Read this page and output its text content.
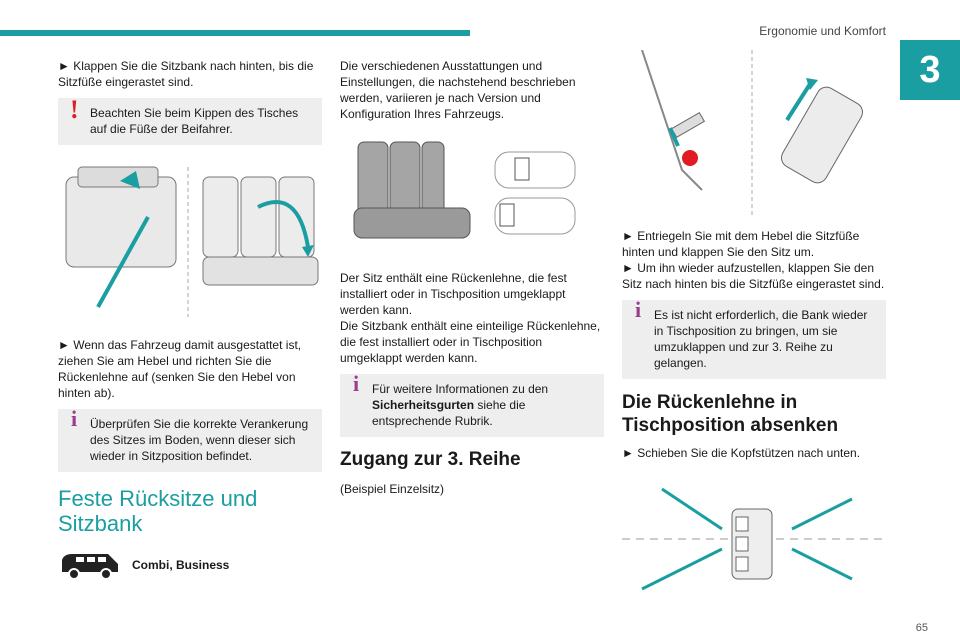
Ergonomie und Komfort
3
65

► Klappen Sie die Sitzbank nach hinten, bis die Sitzfüße eingerastet sind.

! Beachten Sie beim Kippen des Tisches auf die Füße der Beifahrer.

► Wenn das Fahrzeug damit ausgestattet ist, ziehen Sie am Hebel und richten Sie die Rückenlehne auf (senken Sie den Hebel von hinten ab).

i	Überprüfen Sie die korrekte Verankerung des Sitzes im Boden, wenn dieser sich wieder in Sitzposition befindet.
Feste Rücksitze und Sitzbank
Combi, Business

Die verschiedenen Ausstattungen und Einstellungen, die nachstehend beschrieben werden, variieren je nach Version und Konfiguration Ihres Fahrzeugs.

Der Sitz enthält eine Rückenlehne, die fest installiert oder in Tischposition umgeklappt werden kann.

Die Sitzbank enthält eine einteilige Rückenlehne, die fest installiert oder in Tischposition umgeklappt werden kann.

i	Für weitere Informationen zu den
Sicherheitsgurten siehe die entsprechende Rubrik.
Zugang zur 3. Reihe

(Beispiel Einzelsitz)

► Entriegeln Sie mit dem Hebel die Sitzfüße hinten und klappen Sie den Sitz um.

► Um ihn wieder aufzustellen, klappen Sie den Sitz nach hinten bis die Sitzfüße eingerastet sind.

i	Es ist nicht erforderlich, die Bank wieder in Tischposition zu bringen, um sie umzuklappen und zur 3. Reihe zu gelangen.
Die Rückenlehne in Tischposition absenken

► Schieben Sie die Kopfstützen nach unten.
